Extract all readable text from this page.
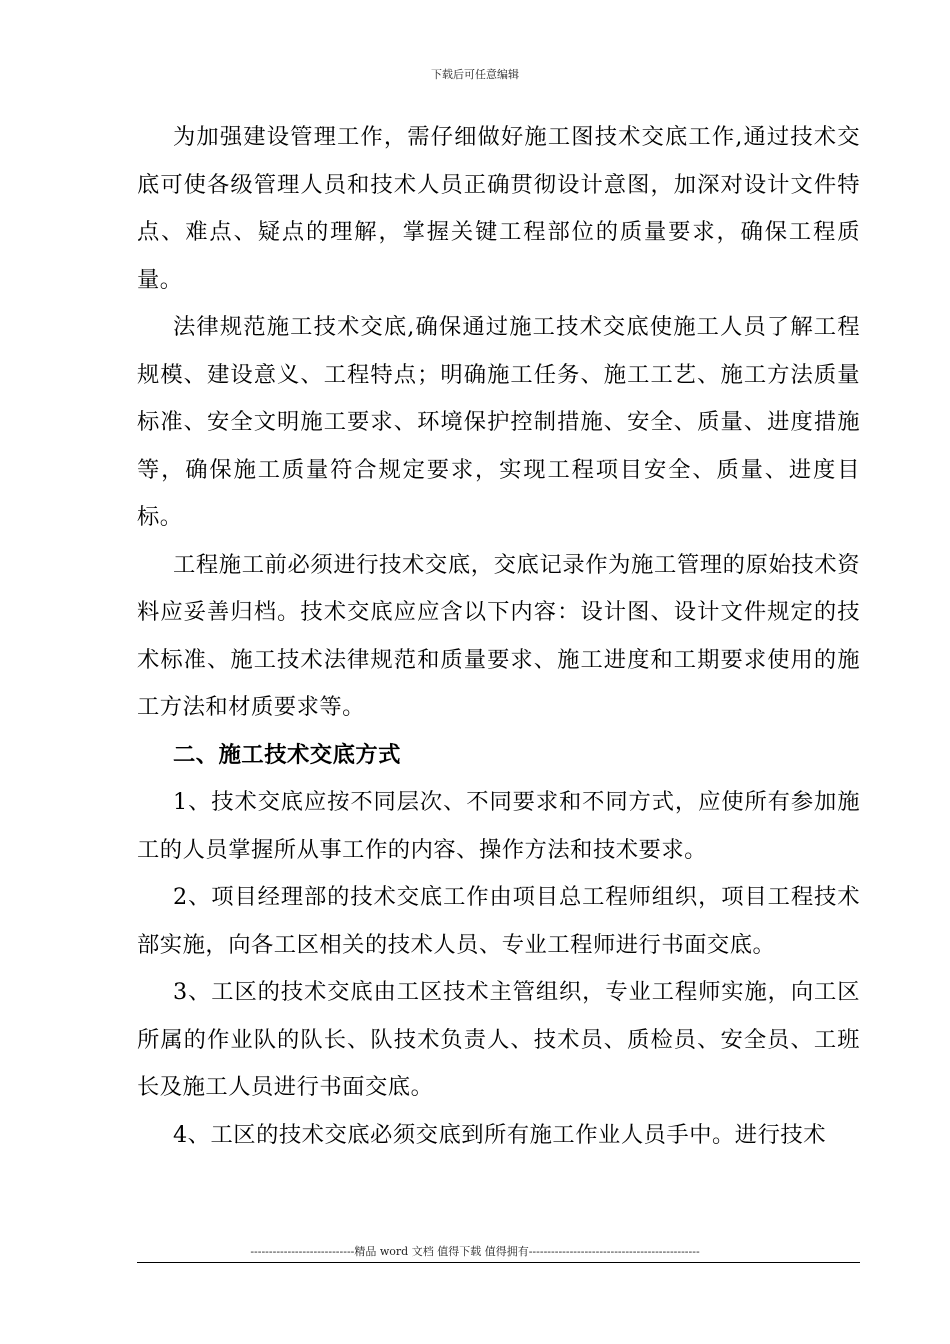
下载后可任意编辑

为加强建设管理工作，需仔细做好施工图技术交底工作,通过技术交底可使各级管理人员和技术人员正确贯彻设计意图，加深对设计文件特点、难点、疑点的理解，掌握关键工程部位的质量要求，确保工程质量。

法律规范施工技术交底,确保通过施工技术交底使施工人员了解工程规模、建设意义、工程特点；明确施工任务、施工工艺、施工方法质量标准、安全文明施工要求、环境保护控制措施、安全、质量、进度措施等，确保施工质量符合规定要求，实现工程项目安全、质量、进度目标。

工程施工前必须进行技术交底，交底记录作为施工管理的原始技术资料应妥善归档。技术交底应应含以下内容：设计图、设计文件规定的技术标准、施工技术法律规范和质量要求、施工进度和工期要求使用的施工方法和材质要求等。

二、施工技术交底方式

1、技术交底应按不同层次、不同要求和不同方式，应使所有参加施工的人员掌握所从事工作的内容、操作方法和技术要求。

2、项目经理部的技术交底工作由项目总工程师组织，项目工程技术部实施，向各工区相关的技术人员、专业工程师进行书面交底。

3、工区的技术交底由工区技术主管组织，专业工程师实施，向工区所属的作业队的队长、队技术负责人、技术员、质检员、安全员、工班长及施工人员进行书面交底。

4、工区的技术交底必须交底到所有施工作业人员手中。进行技术

----------------------------精品 word 文档 值得下载 值得拥有----------------------------------------------
